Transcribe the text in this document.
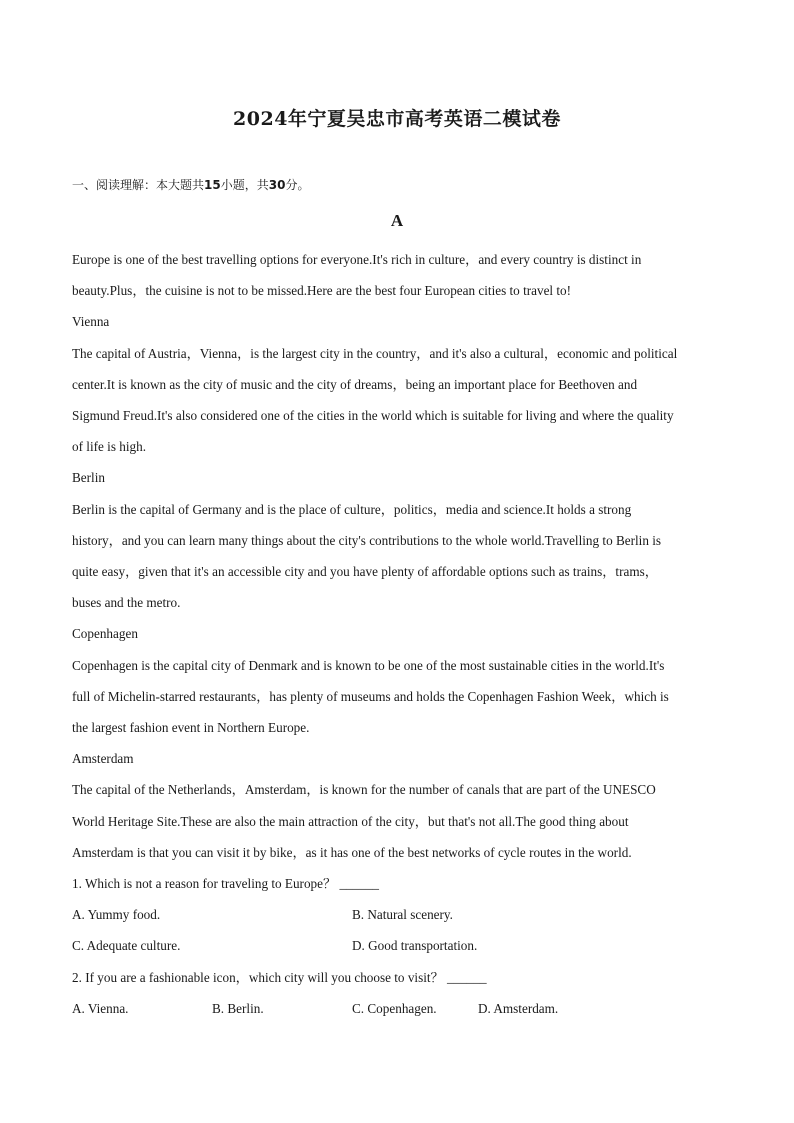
2024年宁夏吴忠市高考英语二模试卷
一、阅读理解：本大题共15小题，共30分。
A

Europe is one of the best travelling options for everyone.It's rich in culture，and every country is distinct in

beauty.Plus，the cuisine is not to be missed.Here are the best four European cities to travel to!

Vienna

The capital of Austria，Vienna，is the largest city in the country，and it's also a cultural，economic and political

center.It is known as the city of music and the city of dreams，being an important place for Beethoven and

Sigmund Freud.It's also considered one of the cities in the world which is suitable for living and where the quality

of life is high.

Berlin

Berlin is the capital of Germany and is the place of culture，politics，media and science.It holds a strong

history，and you can learn many things about the city's contributions to the whole world.Travelling to Berlin is

quite easy，given that it's an accessible city and you have plenty of affordable options such as trains，trams，

buses and the metro.

Copenhagen

Copenhagen is the capital city of Denmark and is known to be one of the most sustainable cities in the world.It's

full of Michelin-starred restaurants，has plenty of museums and holds the Copenhagen Fashion Week，which is

the largest fashion event in Northern Europe.

Amsterdam

The capital of the Netherlands，Amsterdam，is known for the number of canals that are part of the UNESCO

World Heritage Site.These are also the main attraction of the city，but that's not all.The good thing about

Amsterdam is that you can visit it by bike，as it has one of the best networks of cycle routes in the world.

1. Which is not a reason for traveling to Europe？ ______

A. Yummy food.	B. Natural scenery.
C. Adequate culture.	D. Good transportation.

2. If you are a fashionable icon，which city will you choose to visit？ ______

A. Vienna.	B. Berlin.	C. Copenhagen.	D. Amsterdam.
